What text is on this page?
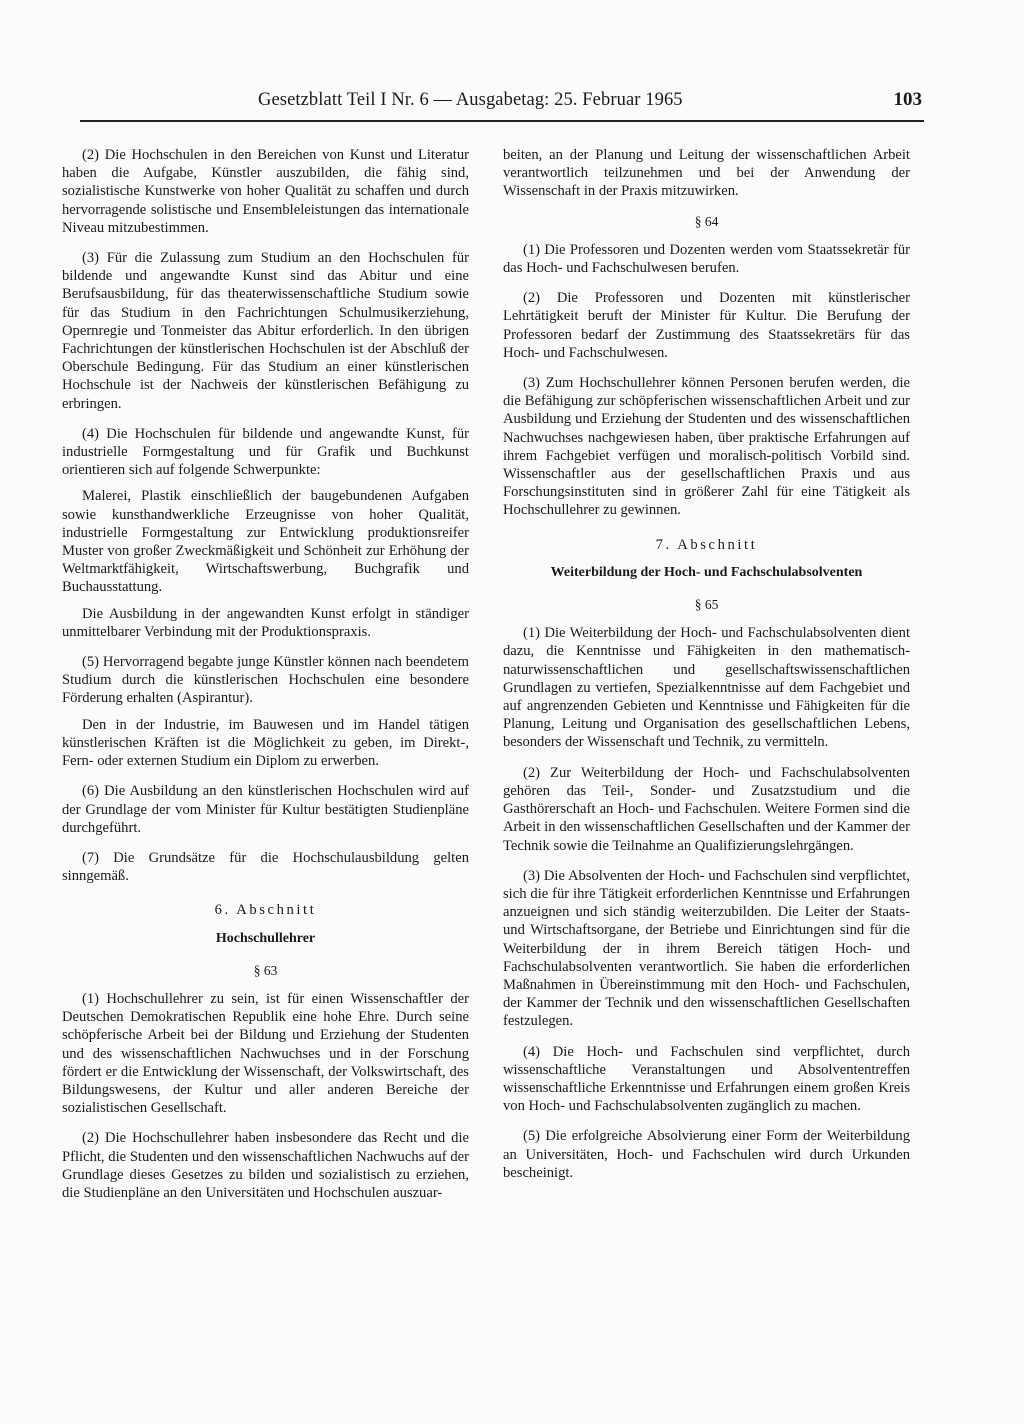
Gesetzblatt Teil I Nr. 6 — Ausgabetag: 25. Februar 1965	103

(2) Die Hochschulen in den Bereichen von Kunst und Literatur haben die Aufgabe, Künstler auszubilden, die fähig sind, sozialistische Kunstwerke von hoher Qualität zu schaffen und durch hervorragende solistische und Ensembleleistungen das internationale Niveau mitzubestimmen.

(3) Für die Zulassung zum Studium an den Hochschulen für bildende und angewandte Kunst sind das Abitur und eine Berufsausbildung, für das theaterwissenschaftliche Studium sowie für das Studium in den Fachrichtungen Schulmusikerziehung, Opernregie und Tonmeister das Abitur erforderlich. In den übrigen Fachrichtungen der künstlerischen Hochschulen ist der Abschluß der Oberschule Bedingung. Für das Studium an einer künstlerischen Hochschule ist der Nachweis der künstlerischen Befähigung zu erbringen.

(4) Die Hochschulen für bildende und angewandte Kunst, für industrielle Formgestaltung und für Grafik und Buchkunst orientieren sich auf folgende Schwerpunkte:

Malerei, Plastik einschließlich der baugebundenen Aufgaben sowie kunsthandwerkliche Erzeugnisse von hoher Qualität, industrielle Formgestaltung zur Entwicklung produktionsreifer Muster von großer Zweckmäßigkeit und Schönheit zur Erhöhung der Weltmarktfähigkeit, Wirtschaftswerbung, Buchgrafik und Buchausstattung.

Die Ausbildung in der angewandten Kunst erfolgt in ständiger unmittelbarer Verbindung mit der Produktionspraxis.

(5) Hervorragend begabte junge Künstler können nach beendetem Studium durch die künstlerischen Hochschulen eine besondere Förderung erhalten (Aspirantur).

Den in der Industrie, im Bauwesen und im Handel tätigen künstlerischen Kräften ist die Möglichkeit zu geben, im Direkt-, Fern- oder externen Studium ein Diplom zu erwerben.

(6) Die Ausbildung an den künstlerischen Hochschulen wird auf der Grundlage der vom Minister für Kultur bestätigten Studienpläne durchgeführt.

(7) Die Grundsätze für die Hochschulausbildung gelten sinngemäß.

6. Abschnitt
Hochschullehrer
§ 63

(1) Hochschullehrer zu sein, ist für einen Wissenschaftler der Deutschen Demokratischen Republik eine hohe Ehre. Durch seine schöpferische Arbeit bei der Bildung und Erziehung der Studenten und des wissenschaftlichen Nachwuchses und in der Forschung fördert er die Entwicklung der Wissenschaft, der Volkswirtschaft, des Bildungswesens, der Kultur und aller anderen Bereiche der sozialistischen Gesellschaft.

(2) Die Hochschullehrer haben insbesondere das Recht und die Pflicht, die Studenten und den wissenschaftlichen Nachwuchs auf der Grundlage dieses Gesetzes zu bilden und sozialistisch zu erziehen, die Studienpläne an den Universitäten und Hochschulen auszuar-

beiten, an der Planung und Leitung der wissenschaftlichen Arbeit verantwortlich teilzunehmen und bei der Anwendung der Wissenschaft in der Praxis mitzuwirken.

§ 64

(1) Die Professoren und Dozenten werden vom Staatssekretär für das Hoch- und Fachschulwesen berufen.

(2) Die Professoren und Dozenten mit künstlerischer Lehrtätigkeit beruft der Minister für Kultur. Die Berufung der Professoren bedarf der Zustimmung des Staatssekretärs für das Hoch- und Fachschulwesen.

(3) Zum Hochschullehrer können Personen berufen werden, die die Befähigung zur schöpferischen wissenschaftlichen Arbeit und zur Ausbildung und Erziehung der Studenten und des wissenschaftlichen Nachwuchses nachgewiesen haben, über praktische Erfahrungen auf ihrem Fachgebiet verfügen und moralisch-politisch Vorbild sind. Wissenschaftler aus der gesellschaftlichen Praxis und aus Forschungsinstituten sind in größerer Zahl für eine Tätigkeit als Hochschullehrer zu gewinnen.

7. Abschnitt
Weiterbildung der Hoch- und Fachschulabsolventen
§ 65

(1) Die Weiterbildung der Hoch- und Fachschulabsolventen dient dazu, die Kenntnisse und Fähigkeiten in den mathematisch-naturwissenschaftlichen und gesellschaftswissenschaftlichen Grundlagen zu vertiefen, Spezialkenntnisse auf dem Fachgebiet und auf angrenzenden Gebieten und Kenntnisse und Fähigkeiten für die Planung, Leitung und Organisation des gesellschaftlichen Lebens, besonders der Wissenschaft und Technik, zu vermitteln.

(2) Zur Weiterbildung der Hoch- und Fachschulabsolventen gehören das Teil-, Sonder- und Zusatzstudium und die Gasthörerschaft an Hoch- und Fachschulen. Weitere Formen sind die Arbeit in den wissenschaftlichen Gesellschaften und der Kammer der Technik sowie die Teilnahme an Qualifizierungslehrgängen.

(3) Die Absolventen der Hoch- und Fachschulen sind verpflichtet, sich die für ihre Tätigkeit erforderlichen Kenntnisse und Erfahrungen anzueignen und sich ständig weiterzubilden. Die Leiter der Staats- und Wirtschaftsorgane, der Betriebe und Einrichtungen sind für die Weiterbildung der in ihrem Bereich tätigen Hoch- und Fachschulabsolventen verantwortlich. Sie haben die erforderlichen Maßnahmen in Übereinstimmung mit den Hoch- und Fachschulen, der Kammer der Technik und den wissenschaftlichen Gesellschaften festzulegen.

(4) Die Hoch- und Fachschulen sind verpflichtet, durch wissenschaftliche Veranstaltungen und Absolvententreffen wissenschaftliche Erkenntnisse und Erfahrungen einem großen Kreis von Hoch- und Fachschulabsolventen zugänglich zu machen.

(5) Die erfolgreiche Absolvierung einer Form der Weiterbildung an Universitäten, Hoch- und Fachschulen wird durch Urkunden bescheinigt.
